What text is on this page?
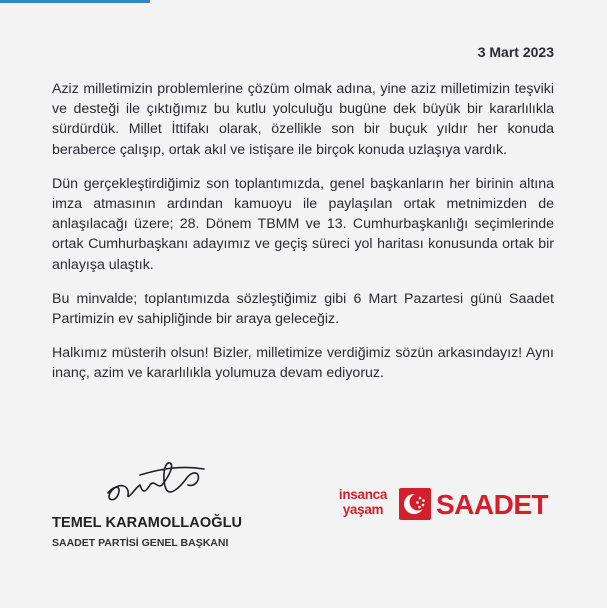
3 Mart 2023

Aziz milletimizin problemlerine çözüm olmak adına, yine aziz milletimizin teşviki ve desteği ile çıktığımız bu kutlu yolculuğu bugüne dek büyük bir kararlılıkla sürdürdük. Millet İttifakı olarak, özellikle son bir buçuk yıldır her konuda beraberce çalışıp, ortak akıl ve istişare ile birçok konuda uzlaşıya vardık.

Dün gerçekleştirdiğimiz son toplantımızda, genel başkanların her birinin altına imza atmasının ardından kamuoyu ile paylaşılan ortak metnimizden de anlaşılacağı üzere; 28. Dönem TBMM ve 13. Cumhurbaşkanlığı seçimlerinde ortak Cumhurbaşkanı adayımız ve geçiş süreci yol haritası konusunda ortak bir anlayışa ulaştık.

Bu minvalde; toplantımızda sözleştiğimiz gibi 6 Mart Pazartesi günü Saadet Partimizin ev sahipliğinde bir araya geleceğiz.

Halkımız müsterih olsun! Bizler, milletimize verdiğimiz sözün arkasındayız! Aynı inanç, azim ve kararlılıkla yolumuza devam ediyoruz.

TEMEL KARAMOLLAOĞLU
SAADET PARTİSİ GENEL BAŞKANI
insanca
yaşam	SAADET
